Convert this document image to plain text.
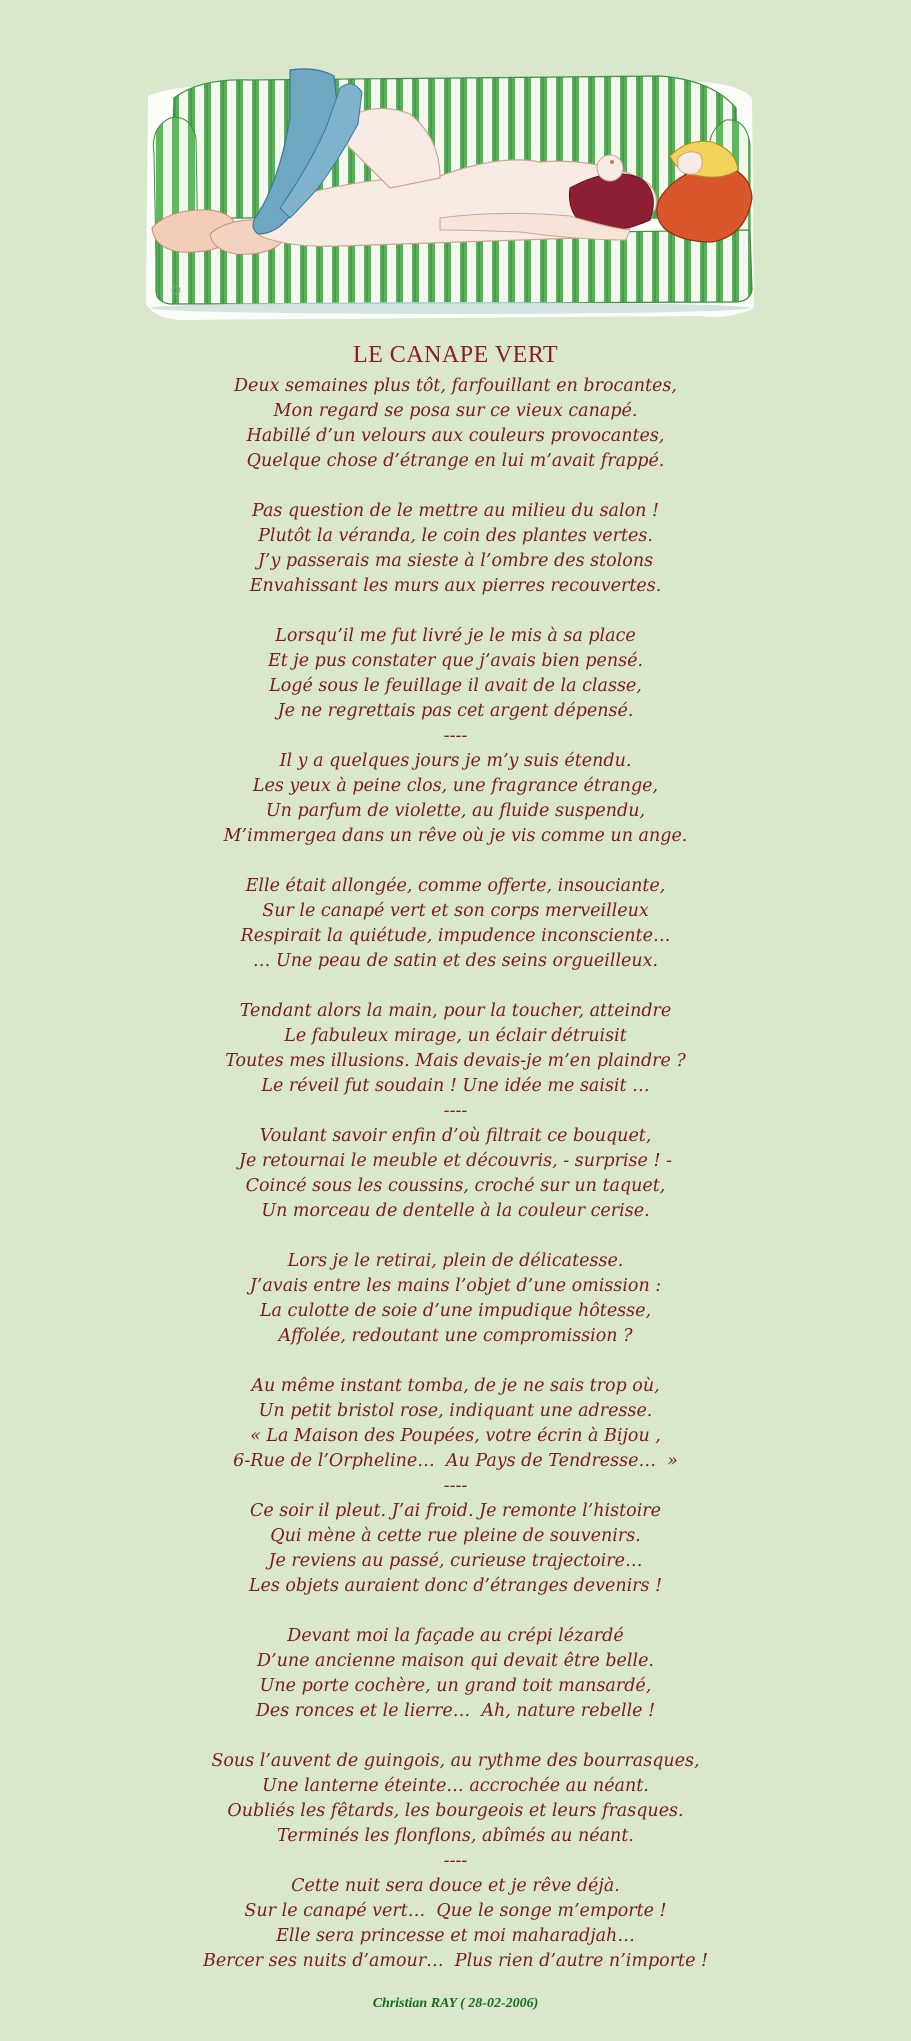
LE CANAPE VERT
Deux semaines plus tôt, farfouillant en brocantes,
Mon regard se posa sur ce vieux canapé.
Habillé d’un velours aux couleurs provocantes,
Quelque chose d’étrange en lui m’avait frappé.
Pas question de le mettre au milieu du salon !
Plutôt la véranda, le coin des plantes vertes.
J’y passerais ma sieste à l’ombre des stolons
Envahissant les murs aux pierres recouvertes.
Lorsqu’il me fut livré je le mis à sa place
Et je pus constater que j’avais bien pensé.
Logé sous le feuillage il avait de la classe,
Je ne regrettais pas cet argent dépensé.
----
Il y a quelques jours je m’y suis étendu.
Les yeux à peine clos, une fragrance étrange,
Un parfum de violette, au fluide suspendu,
M’immergea dans un rêve où je vis comme un ange.
Elle était allongée, comme offerte, insouciante,
Sur le canapé vert et son corps merveilleux
Respirait la quiétude, impudence inconsciente…
… Une peau de satin et des seins orgueilleux.
Tendant alors la main, pour la toucher, atteindre
Le fabuleux mirage, un éclair détruisit
Toutes mes illusions. Mais devais-je m’en plaindre ?
Le réveil fut soudain ! Une idée me saisit …
----
Voulant savoir enfin d’où filtrait ce bouquet,
Je retournai le meuble et découvris, - surprise ! -
Coincé sous les coussins, croché sur un taquet,
Un morceau de dentelle à la couleur cerise.
Lors je le retirai, plein de délicatesse.
J’avais entre les mains l’objet d’une omission :
La culotte de soie d’une impudique hôtesse,
Affolée, redoutant une compromission ?
Au même instant tomba, de je ne sais trop où,
Un petit bristol rose, indiquant une adresse.
« La Maison des Poupées, votre écrin à Bijou ,
6-Rue de l’Orpheline…  Au Pays de Tendresse…  »
----
Ce soir il pleut. J’ai froid. Je remonte l’histoire
Qui mène à cette rue pleine de souvenirs.
Je reviens au passé, curieuse trajectoire…
Les objets auraient donc d’étranges devenirs !
Devant moi la façade au crépi lézardé
D’une ancienne maison qui devait être belle.
Une porte cochère, un grand toit mansardé,
Des ronces et le lierre…  Ah, nature rebelle !
Sous l’auvent de guingois, au rythme des bourrasques,
Une lanterne éteinte… accrochée au néant.
Oubliés les fêtards, les bourgeois et leurs frasques.
Terminés les flonflons, abîmés au néant.
----
Cette nuit sera douce et je rêve déjà.
Sur le canapé vert…  Que le songe m’emporte !
Elle sera princesse et moi maharadjah…
Bercer ses nuits d’amour…  Plus rien d’autre n’importe !
Christian RAY ( 28-02-2006)
